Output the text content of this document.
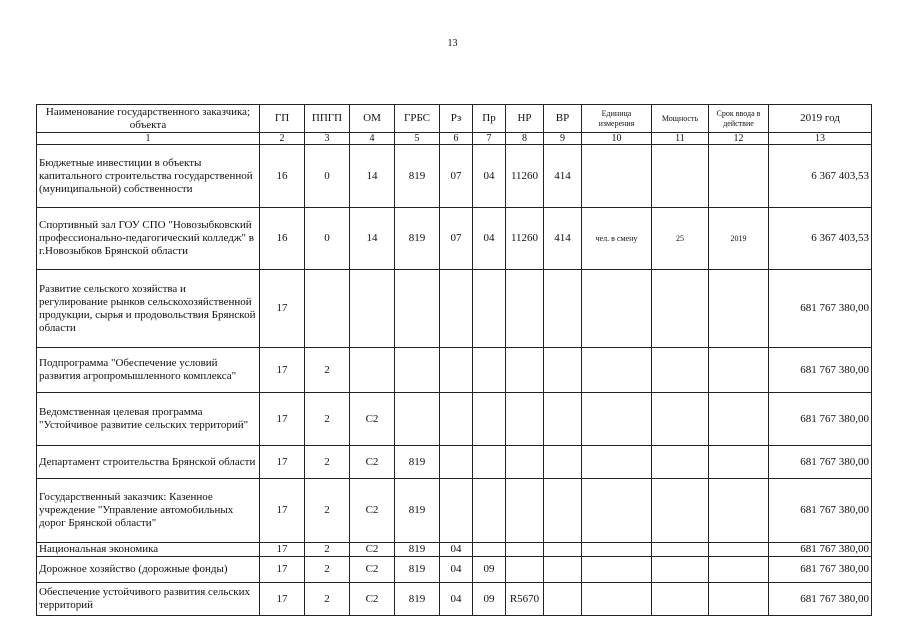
13
Наименование государственного заказчика; объекта	ГП	ППГП	ОМ	ГРБС	Рз	Пр	НР	ВР	Единица измерения	Мощность	Срок ввода в действие	2019 год
1	2	3	4	5	6	7	8	9	10	11	12	13
Бюджетные инвестиции в объекты капитального строительства государственной (муниципальной) собственности	16	0	14	819	07	04	11260	414				6 367 403,53
Спортивный зал ГОУ СПО "Новозыбковский профессионально-педагогический колледж" в г.Новозыбков Брянской области	16	0	14	819	07	04	11260	414	чел. в смену	25	2019	6 367 403,53
Развитие сельского хозяйства и регулирование рынков сельскохозяйственной продукции, сырья и продовольствия Брянской области	17											681 767 380,00
Подпрограмма "Обеспечение условий развития агропромышленного комплекса"	17	2										681 767 380,00
Ведомственная целевая программа "Устойчивое развитие сельских территорий"	17	2	С2									681 767 380,00
Департамент строительства Брянской области	17	2	С2	819								681 767 380,00
Государственный заказчик: Казенное учреждение "Управление автомобильных дорог Брянской области"	17	2	С2	819								681 767 380,00
Национальная экономика	17	2	С2	819	04							681 767 380,00
Дорожное хозяйство (дорожные фонды)	17	2	С2	819	04	09						681 767 380,00
Обеспечение устойчивого развития сельских территорий	17	2	С2	819	04	09	R5670					681 767 380,00
